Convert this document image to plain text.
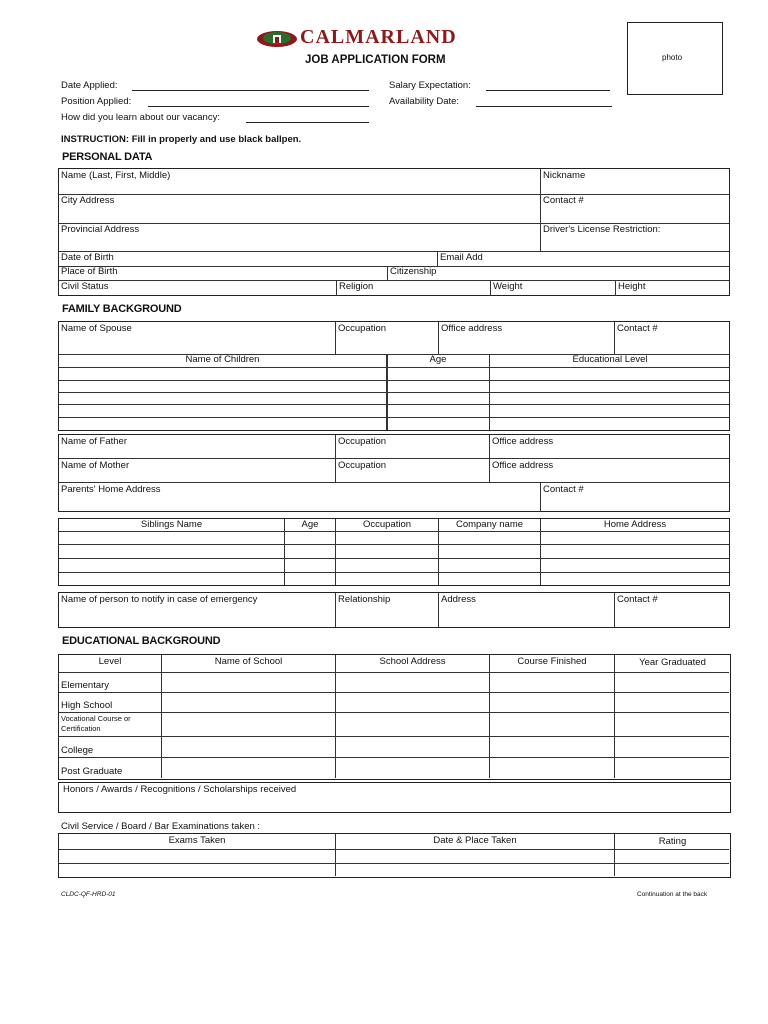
CALMARLAND
JOB APPLICATION FORM	photo
Date Applied:
Position Applied:
How did you learn about our vacancy:
Salary Expectation:
Availability Date:
INSTRUCTION: Fill in properly and use black ballpen.
PERSONAL DATA
Name (Last, First, Middle)	Nickname
City Address	Contact #
Provincial Address	Driver's License Restriction:
Date of Birth	Email Add
Place of Birth	Citizenship
Civil Status	Religion	Weight	Height
FAMILY BACKGROUND
Name of Spouse	Occupation	Office address	Contact #
Name of Children	Age	Educational Level
Name of Father	Occupation	Office address
Name of Mother	Occupation	Office address
Parents' Home Address	Contact #
Siblings Name	Age	Occupation	Company name	Home Address
Name of person to notify in case of emergency	Relationship	Address	Contact #
EDUCATIONAL BACKGROUND
Level	Name of School	School Address	Course Finished	Year Graduated
Elementary
High School
Vocational Course or
Certification
College
Post Graduate
Honors / Awards / Recognitions / Scholarships received
Civil Service / Board / Bar Examinations taken :
Exams Taken	Date & Place Taken	Rating
CLDC-QF-HRD-01	Continuation at the back
